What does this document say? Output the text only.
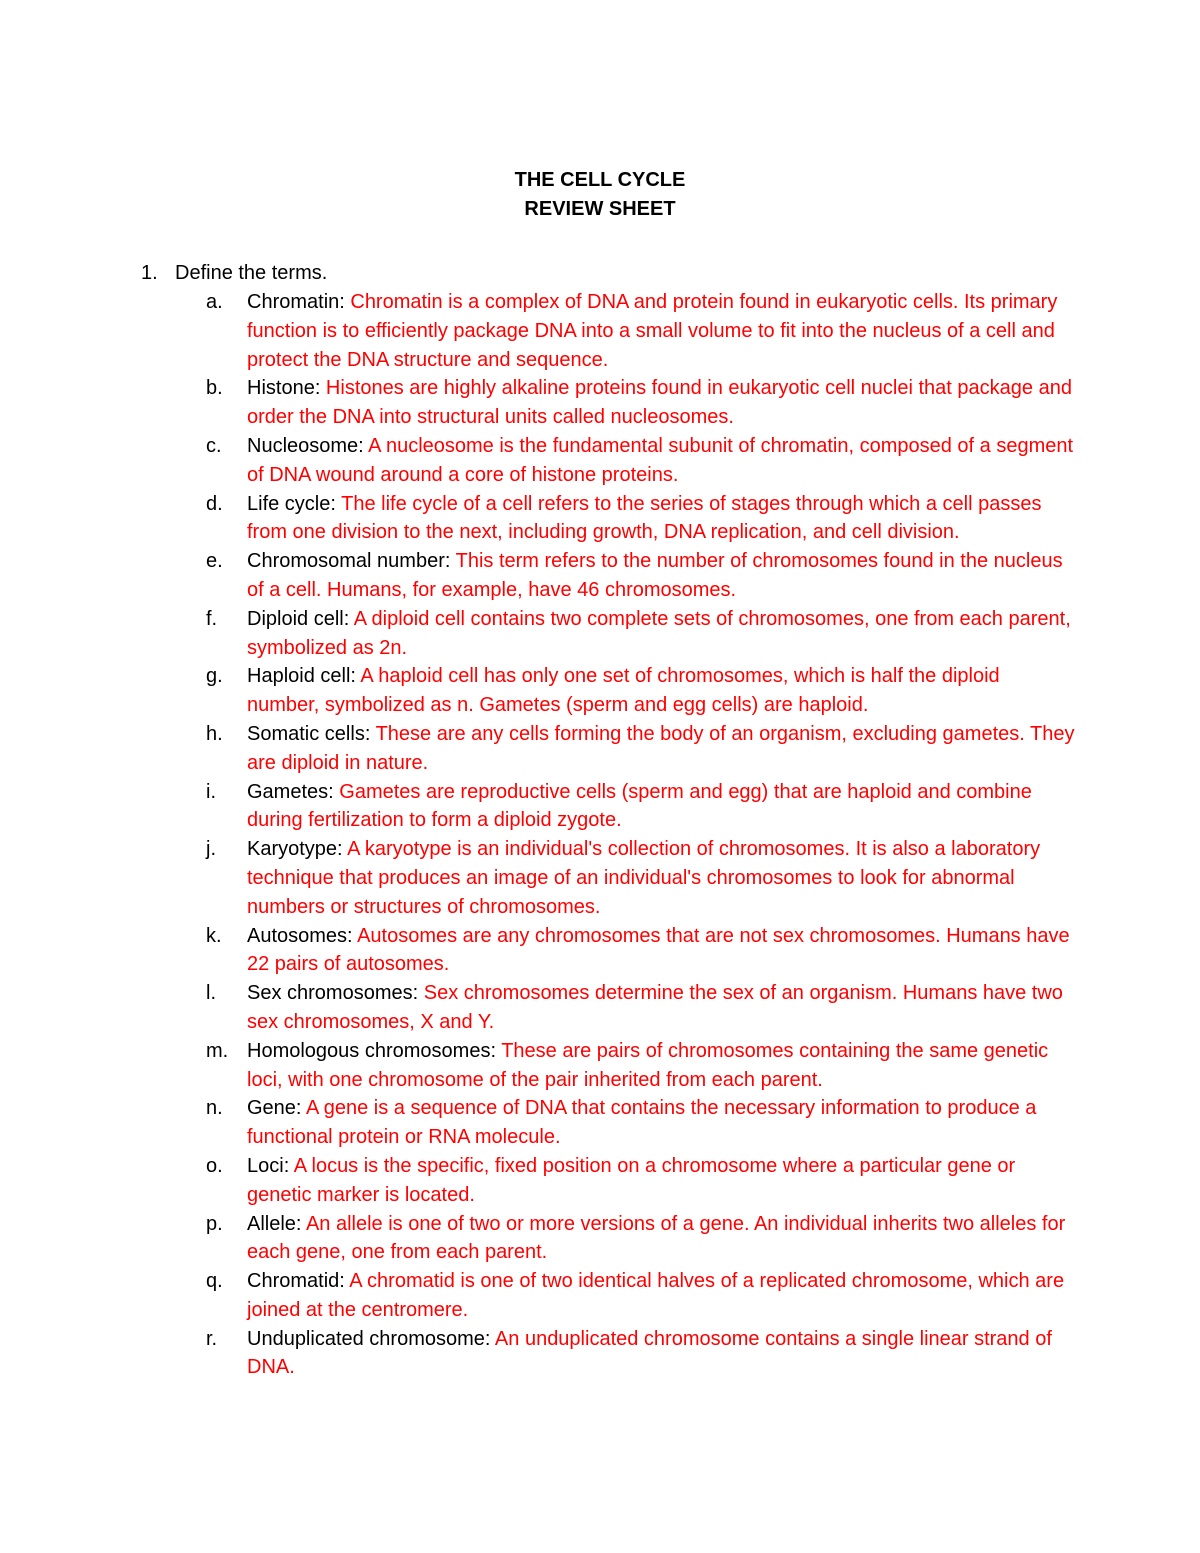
THE CELL CYCLE
REVIEW SHEET
1. Define the terms.
a. Chromatin: Chromatin is a complex of DNA and protein found in eukaryotic cells. Its primary function is to efficiently package DNA into a small volume to fit into the nucleus of a cell and protect the DNA structure and sequence.
b. Histone: Histones are highly alkaline proteins found in eukaryotic cell nuclei that package and order the DNA into structural units called nucleosomes.
c. Nucleosome: A nucleosome is the fundamental subunit of chromatin, composed of a segment of DNA wound around a core of histone proteins.
d. Life cycle: The life cycle of a cell refers to the series of stages through which a cell passes from one division to the next, including growth, DNA replication, and cell division.
e. Chromosomal number: This term refers to the number of chromosomes found in the nucleus of a cell. Humans, for example, have 46 chromosomes.
f. Diploid cell: A diploid cell contains two complete sets of chromosomes, one from each parent, symbolized as 2n.
g. Haploid cell: A haploid cell has only one set of chromosomes, which is half the diploid number, symbolized as n. Gametes (sperm and egg cells) are haploid.
h. Somatic cells: These are any cells forming the body of an organism, excluding gametes. They are diploid in nature.
i. Gametes: Gametes are reproductive cells (sperm and egg) that are haploid and combine during fertilization to form a diploid zygote.
j. Karyotype: A karyotype is an individual's collection of chromosomes. It is also a laboratory technique that produces an image of an individual's chromosomes to look for abnormal numbers or structures of chromosomes.
k. Autosomes: Autosomes are any chromosomes that are not sex chromosomes. Humans have 22 pairs of autosomes.
l. Sex chromosomes: Sex chromosomes determine the sex of an organism. Humans have two sex chromosomes, X and Y.
m. Homologous chromosomes: These are pairs of chromosomes containing the same genetic loci, with one chromosome of the pair inherited from each parent.
n. Gene: A gene is a sequence of DNA that contains the necessary information to produce a functional protein or RNA molecule.
o. Loci: A locus is the specific, fixed position on a chromosome where a particular gene or genetic marker is located.
p. Allele: An allele is one of two or more versions of a gene. An individual inherits two alleles for each gene, one from each parent.
q. Chromatid: A chromatid is one of two identical halves of a replicated chromosome, which are joined at the centromere.
r. Unduplicated chromosome: An unduplicated chromosome contains a single linear strand of DNA.
